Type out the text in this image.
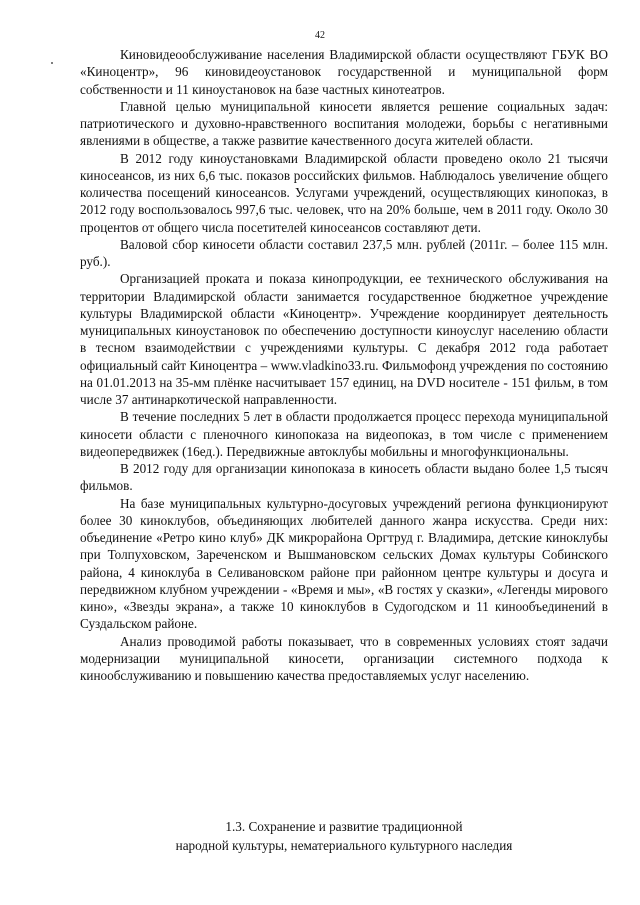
42

Киновидеообслуживание населения Владимирской области осуществляют ГБУК ВО «Киноцентр», 96 киновидеоустановок государственной и муниципальной форм собственности и 11 киноустановок на базе частных кинотеатров.

Главной целью муниципальной киносети является решение социальных задач: патриотического и духовно-нравственного воспитания молодежи, борьбы с негативными явлениями в обществе, а также развитие качественного досуга жителей области.

В 2012 году киноустановками Владимирской области проведено около 21 тысячи киносеансов, из них 6,6 тыс. показов российских фильмов. Наблюдалось увеличение общего количества посещений киносеансов. Услугами учреждений, осуществляющих кинопоказ, в 2012 году воспользовалось 997,6 тыс. человек, что на 20% больше, чем в 2011 году. Около 30 процентов от общего числа посетителей киносеансов составляют дети.

Валовой сбор киносети области составил 237,5 млн. рублей (2011г. – более 115 млн. руб.).

Организацией проката и показа кинопродукции, ее технического обслуживания на территории Владимирской области занимается государственное бюджетное учреждение культуры Владимирской области «Киноцентр». Учреждение координирует деятельность муниципальных киноустановок по обеспечению доступности киноуслуг населению области в тесном взаимодействии с учреждениями культуры. С декабря 2012 года работает официальный сайт Киноцентра – www.vladkino33.ru. Фильмофонд учреждения по состоянию на 01.01.2013 на 35-мм плёнке насчитывает 157 единиц, на DVD носителе - 151 фильм, в том числе 37 антинаркотической направленности.

В течение последних 5 лет в области продолжается процесс перехода муниципальной киносети области с пленочного кинопоказа на видеопоказ, в том числе с применением видеопередвижек (16ед.). Передвижные автоклубы мобильны и многофункциональны.

В 2012 году для организации кинопоказа в киносеть области выдано более 1,5 тысяч фильмов.

На базе муниципальных культурно-досуговых учреждений региона функционируют более 30 киноклубов, объединяющих любителей данного жанра искусства. Среди них: объединение «Ретро кино клуб» ДК микрорайона Оргтруд г. Владимира, детские киноклубы при Толпуховском, Зареченском и Вышмановском сельских Домах культуры Собинского района, 4 киноклуба в Селивановском районе при районном центре культуры и досуга и передвижном клубном учреждении - «Время и мы», «В гостях у сказки», «Легенды мирового кино», «Звезды экрана», а также 10 киноклубов в Судогодском и 11 кинообъединений в Суздальском районе.

Анализ проводимой работы показывает, что в современных условиях стоят задачи модернизации муниципальной киносети, организации системного подхода к кинообслуживанию и повышению качества предоставляемых услуг населению.

1.3. Сохранение и развитие традиционной
народной культуры, нематериального культурного наследия
